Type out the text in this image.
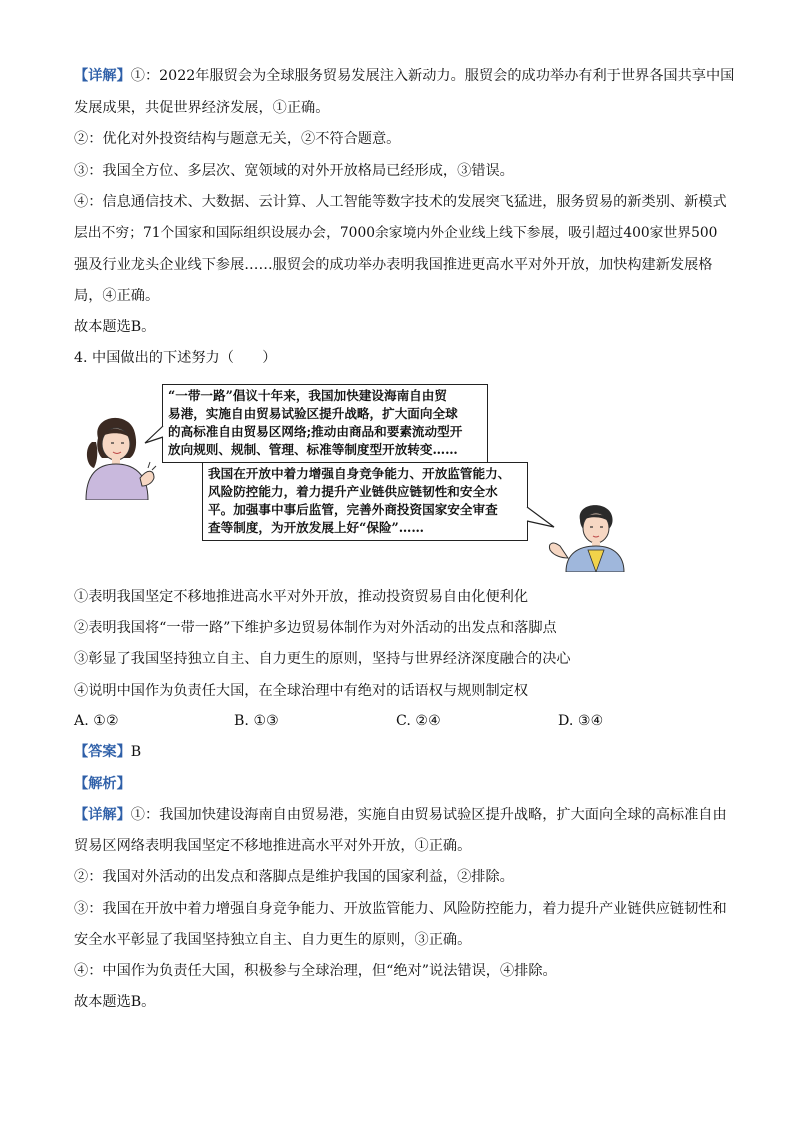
【详解】①：2022年服贸会为全球服务贸易发展注入新动力。服贸会的成功举办有利于世界各国共享中国
发展成果，共促世界经济发展，①正确。
②：优化对外投资结构与题意无关，②不符合题意。
③：我国全方位、多层次、宽领域的对外开放格局已经形成，③错误。
④：信息通信技术、大数据、云计算、人工智能等数字技术的发展突飞猛进，服务贸易的新类别、新模式
层出不穷；71个国家和国际组织设展办会，7000余家境内外企业线上线下参展，吸引超过400家世界500
强及行业龙头企业线下参展……服贸会的成功举办表明我国推进更高水平对外开放，加快构建新发展格
局，④正确。
故本题选B。
4. 中国做出的下述努力（　　）
“一带一路”倡议十年来，我国加快建设海南自由贸
易港，实施自由贸易试验区提升战略，扩大面向全球
的高标准自由贸易区网络;推动由商品和要素流动型开
放向规则、规制、管理、标准等制度型开放转变……
我国在开放中着力增强自身竞争能力、开放监管能力、
风险防控能力，着力提升产业链供应链韧性和安全水
平。加强事中事后监管，完善外商投资国家安全审查
查等制度，为开放发展上好“保险”……
①表明我国坚定不移地推进高水平对外开放，推动投资贸易自由化便利化
②表明我国将“一带一路”下维护多边贸易体制作为对外活动的出发点和落脚点
③彰显了我国坚持独立自主、自力更生的原则，坚持与世界经济深度融合的决心
④说明中国作为负责任大国，在全球治理中有绝对的话语权与规则制定权
A. ①②	B. ①③	C. ②④	D. ③④
【答案】B
【解析】
【详解】①：我国加快建设海南自由贸易港，实施自由贸易试验区提升战略，扩大面向全球的高标准自由
贸易区网络表明我国坚定不移地推进高水平对外开放，①正确。
②：我国对外活动的出发点和落脚点是维护我国的国家利益，②排除。
③：我国在开放中着力增强自身竞争能力、开放监管能力、风险防控能力，着力提升产业链供应链韧性和
安全水平彰显了我国坚持独立自主、自力更生的原则，③正确。
④：中国作为负责任大国，积极参与全球治理，但“绝对”说法错误，④排除。
故本题选B。
